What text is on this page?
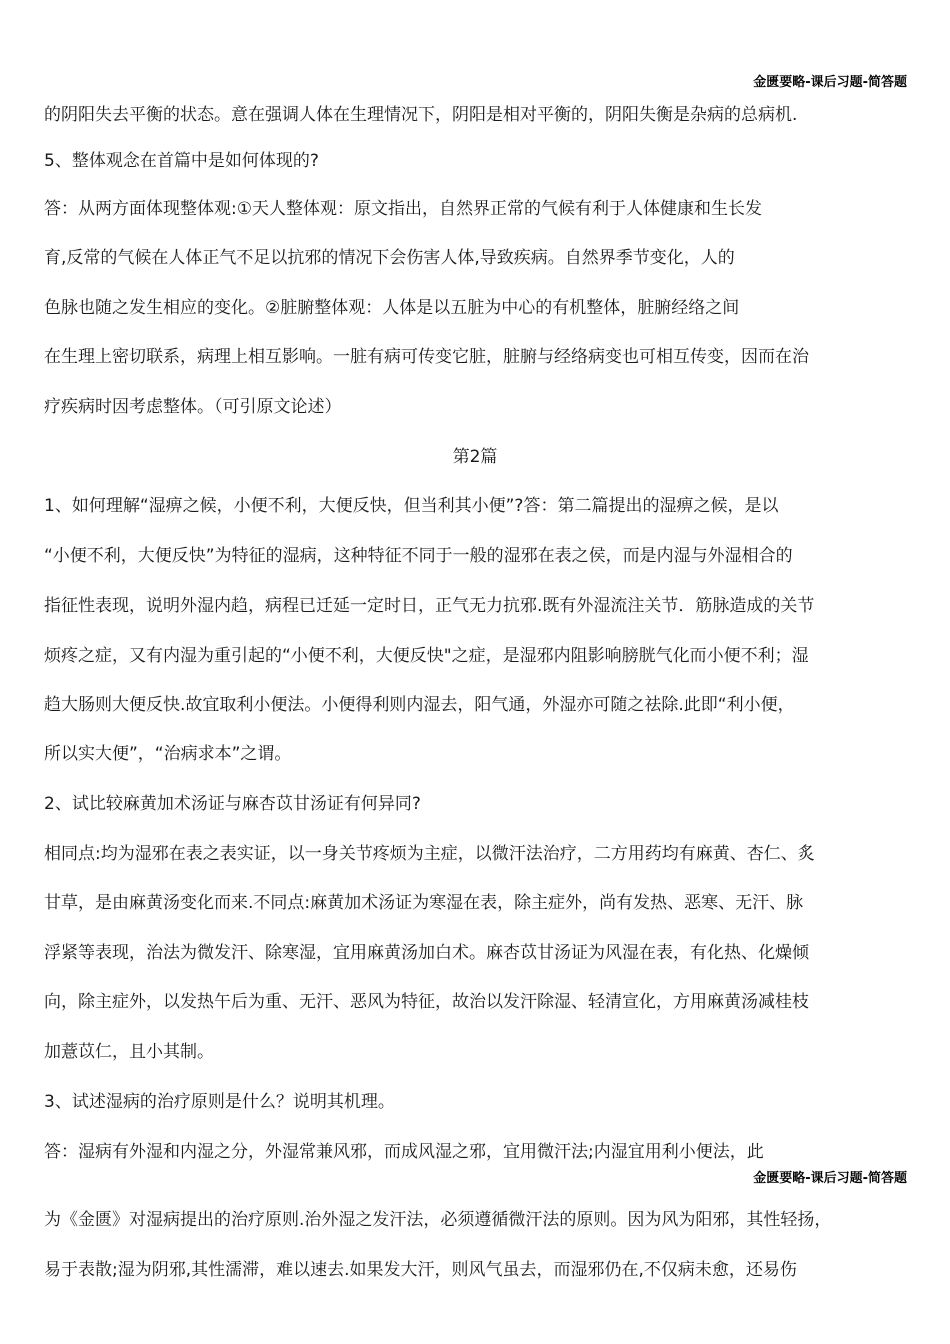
金匮要略-课后习题-简答题

的阴阳失去平衡的状态。意在强调人体在生理情况下，阴阳是相对平衡的，阴阳失衡是杂病的总病机.

5、整体观念在首篇中是如何体现的?

答：从两方面体现整体观:①天人整体观：原文指出，自然界正常的气候有利于人体健康和生长发

育,反常的气候在人体正气不足以抗邪的情况下会伤害人体,导致疾病。自然界季节变化，人的

色脉也随之发生相应的变化。②脏腑整体观：人体是以五脏为中心的有机整体，脏腑经络之间

在生理上密切联系，病理上相互影响。一脏有病可传变它脏，脏腑与经络病变也可相互传变，因而在治

疗疾病时因考虑整体。（可引原文论述）

第2篇

1、如何理解“湿痹之候，小便不利，大便反快，但当利其小便”?答：第二篇提出的湿痹之候，是以

“小便不利，大便反快”为特征的湿病，这种特征不同于一般的湿邪在表之侯，而是内湿与外湿相合的

指征性表现，说明外湿内趋，病程已迁延一定时日，正气无力抗邪.既有外湿流注关节．筋脉造成的关节

烦疼之症，又有内湿为重引起的“小便不利，大便反快"之症，是湿邪内阻影响膀胱气化而小便不利；湿

趋大肠则大便反快.故宜取利小便法。小便得利则内湿去，阳气通，外湿亦可随之祛除.此即“利小便，

所以实大便”，“治病求本”之谓。

2、试比较麻黄加术汤证与麻杏苡甘汤证有何异同?

相同点:均为湿邪在表之表实证，以一身关节疼烦为主症，以微汗法治疗，二方用药均有麻黄、杏仁、炙

甘草，是由麻黄汤变化而来.不同点:麻黄加术汤证为寒湿在表，除主症外，尚有发热、恶寒、无汗、脉

浮紧等表现，治法为微发汗、除寒湿，宜用麻黄汤加白术。麻杏苡甘汤证为风湿在表，有化热、化燥倾

向，除主症外，以发热午后为重、无汗、恶风为特征，故治以发汗除湿、轻清宣化，方用麻黄汤减桂枝

加薏苡仁，且小其制。

3、试述湿病的治疗原则是什么？说明其机理。

答：湿病有外湿和内湿之分，外湿常兼风邪，而成风湿之邪，宜用微汗法;内湿宜用利小便法，此

金匮要略-课后习题-简答题

为《金匮》对湿病提出的治疗原则.治外湿之发汗法，必须遵循微汗法的原则。因为风为阳邪，其性轻扬，

易于表散;湿为阴邪,其性濡滞，难以速去.如果发大汗，则风气虽去，而湿邪仍在,不仅病未愈，还易伤
